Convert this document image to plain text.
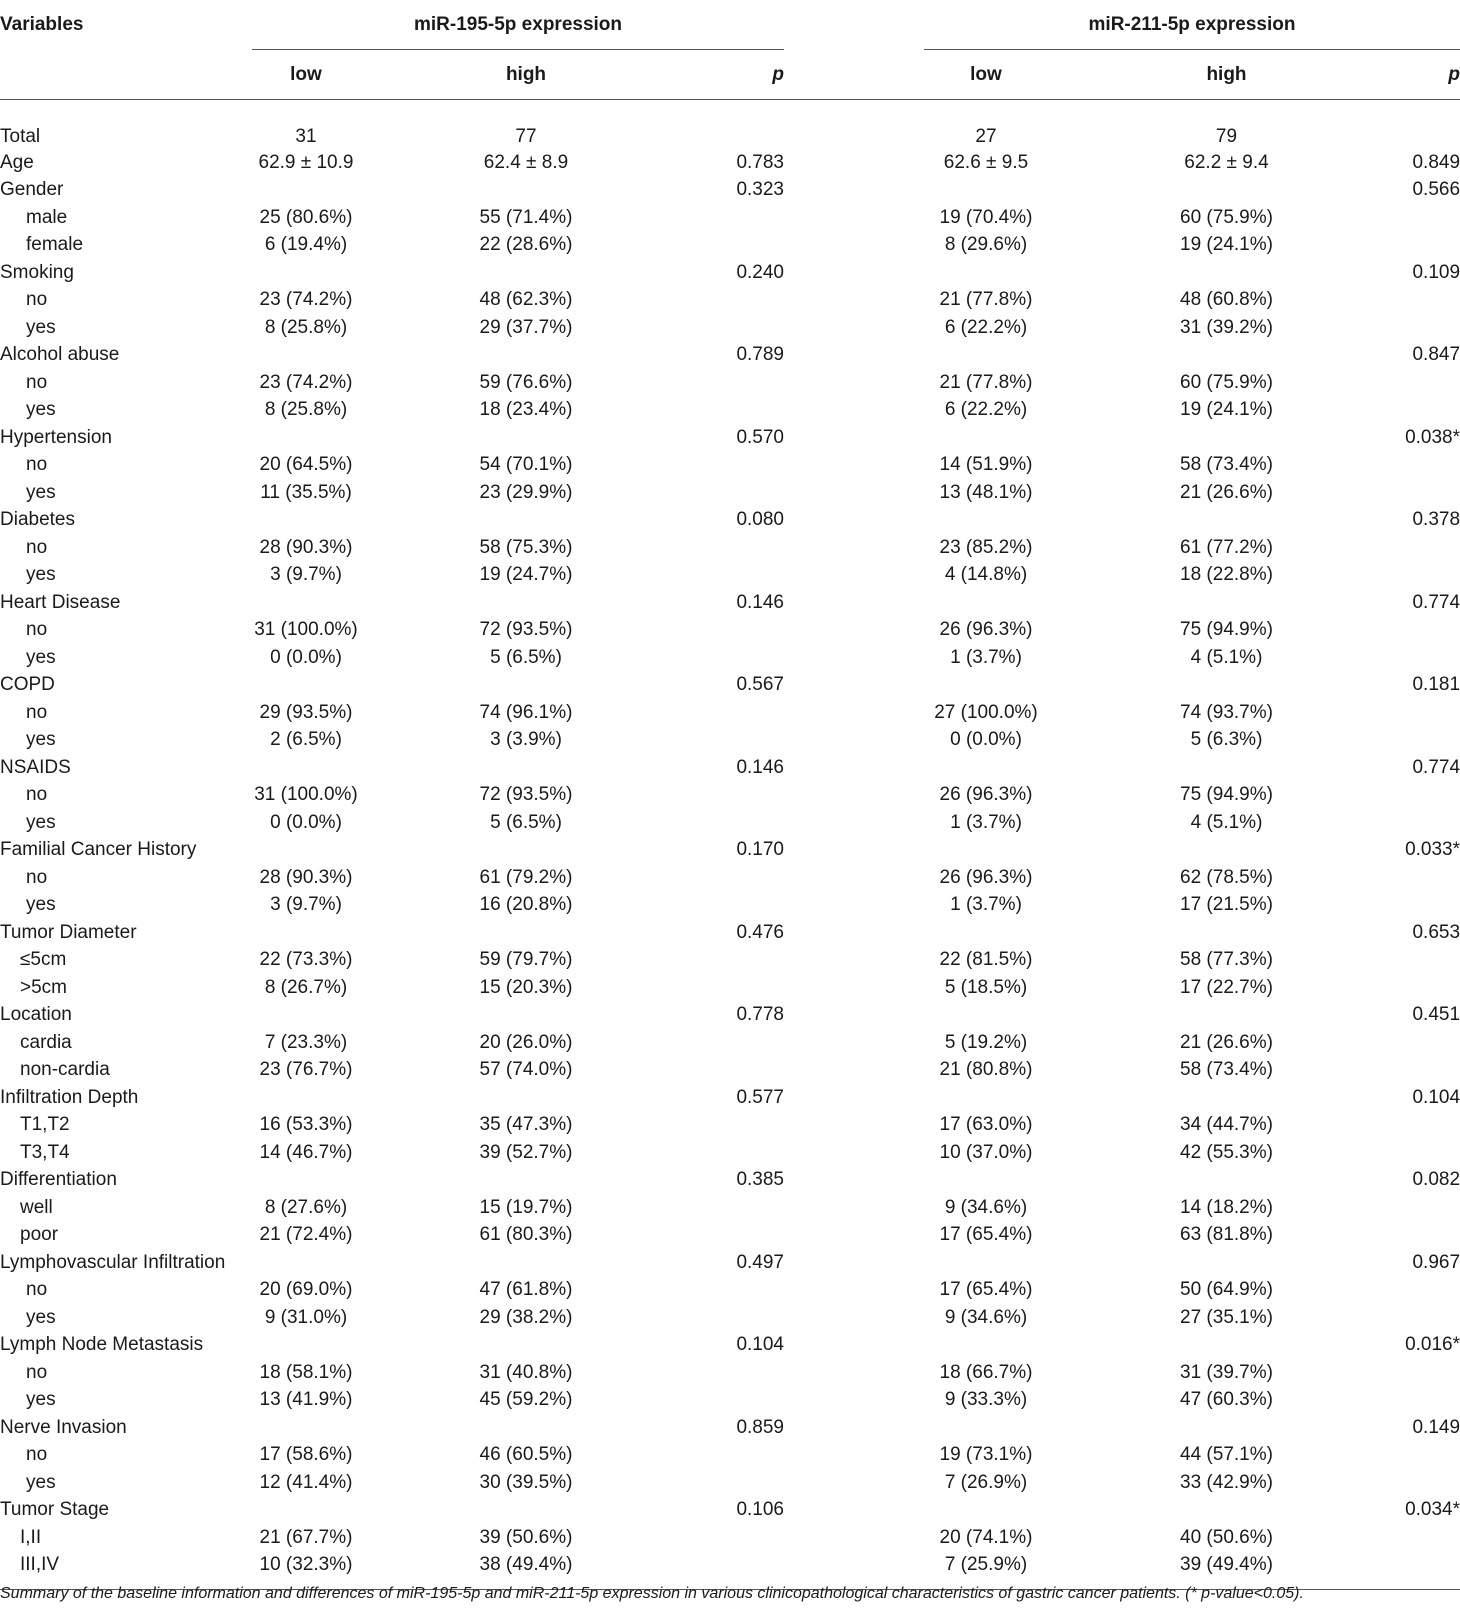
Variables	miR-195-5p expression				miR-211-5p expression		

	low	high	p		low	high	p
Total	31	77			27	79	
Age	62.9 ± 10.9	62.4 ± 8.9	0.783		62.6 ± 9.5	62.2 ± 9.4	0.849
Gender			0.323				0.566
male	25 (80.6%)	55 (71.4%)			19 (70.4%)	60 (75.9%)	
female	6 (19.4%)	22 (28.6%)			8 (29.6%)	19 (24.1%)	
Smoking			0.240				0.109
no	23 (74.2%)	48 (62.3%)			21 (77.8%)	48 (60.8%)	
yes	8 (25.8%)	29 (37.7%)			6 (22.2%)	31 (39.2%)	
Alcohol abuse			0.789				0.847
no	23 (74.2%)	59 (76.6%)			21 (77.8%)	60 (75.9%)	
yes	8 (25.8%)	18 (23.4%)			6 (22.2%)	19 (24.1%)	
Hypertension			0.570				0.038*
no	20 (64.5%)	54 (70.1%)			14 (51.9%)	58 (73.4%)	
yes	11 (35.5%)	23 (29.9%)			13 (48.1%)	21 (26.6%)	
Diabetes			0.080				0.378
no	28 (90.3%)	58 (75.3%)			23 (85.2%)	61 (77.2%)	
yes	3 (9.7%)	19 (24.7%)			4 (14.8%)	18 (22.8%)	
Heart Disease			0.146				0.774
no	31 (100.0%)	72 (93.5%)			26 (96.3%)	75 (94.9%)	
yes	0 (0.0%)	5 (6.5%)			1 (3.7%)	4 (5.1%)	
COPD			0.567				0.181
no	29 (93.5%)	74 (96.1%)			27 (100.0%)	74 (93.7%)	
yes	2 (6.5%)	3 (3.9%)			0 (0.0%)	5 (6.3%)	
NSAIDS			0.146				0.774
no	31 (100.0%)	72 (93.5%)			26 (96.3%)	75 (94.9%)	
yes	0 (0.0%)	5 (6.5%)			1 (3.7%)	4 (5.1%)	
Familial Cancer History			0.170				0.033*
no	28 (90.3%)	61 (79.2%)			26 (96.3%)	62 (78.5%)	
yes	3 (9.7%)	16 (20.8%)			1 (3.7%)	17 (21.5%)	
Tumor Diameter			0.476				0.653
≤5cm	22 (73.3%)	59 (79.7%)			22 (81.5%)	58 (77.3%)	
>5cm	8 (26.7%)	15 (20.3%)			5 (18.5%)	17 (22.7%)	
Location			0.778				0.451
cardia	7 (23.3%)	20 (26.0%)			5 (19.2%)	21 (26.6%)	
non-cardia	23 (76.7%)	57 (74.0%)			21 (80.8%)	58 (73.4%)	
Infiltration Depth			0.577				0.104
T1,T2	16 (53.3%)	35 (47.3%)			17 (63.0%)	34 (44.7%)	
T3,T4	14 (46.7%)	39 (52.7%)			10 (37.0%)	42 (55.3%)	
Differentiation			0.385				0.082
well	8 (27.6%)	15 (19.7%)			9 (34.6%)	14 (18.2%)	
poor	21 (72.4%)	61 (80.3%)			17 (65.4%)	63 (81.8%)	
Lymphovascular Infiltration			0.497				0.967
no	20 (69.0%)	47 (61.8%)			17 (65.4%)	50 (64.9%)	
yes	9 (31.0%)	29 (38.2%)			9 (34.6%)	27 (35.1%)	
Lymph Node Metastasis			0.104				0.016*
no	18 (58.1%)	31 (40.8%)			18 (66.7%)	31 (39.7%)	
yes	13 (41.9%)	45 (59.2%)			9 (33.3%)	47 (60.3%)	
Nerve Invasion			0.859				0.149
no	17 (58.6%)	46 (60.5%)			19 (73.1%)	44 (57.1%)	
yes	12 (41.4%)	30 (39.5%)			7 (26.9%)	33 (42.9%)	
Tumor Stage			0.106				0.034*
I,II	21 (67.7%)	39 (50.6%)			20 (74.1%)	40 (50.6%)	
III,IV	10 (32.3%)	38 (49.4%)			7 (25.9%)	39 (49.4%)	
Summary of the baseline information and differences of miR-195-5p and miR-211-5p expression in various clinicopathological characteristics of gastric cancer patients. (* p-value<0.05).
